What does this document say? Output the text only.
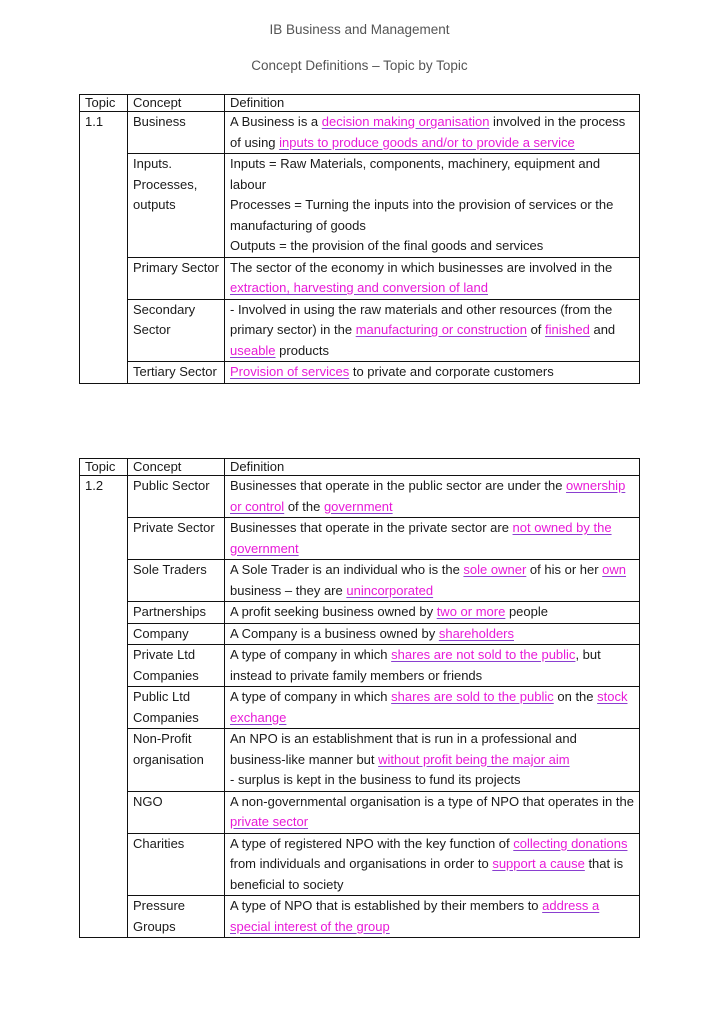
IB Business and Management
Concept Definitions – Topic by Topic
Topic	Concept	Definition
1.1	Business	A Business is a decision making organisation involved in the process of using inputs to produce goods and/or to provide a service
	Inputs. Processes, outputs	Inputs = Raw Materials, components, machinery, equipment and labour
Processes = Turning the inputs into the provision of services or the manufacturing of goods
Outputs = the provision of the final goods and services
	Primary Sector	The sector of the economy in which businesses are involved in the extraction, harvesting and conversion of land
	Secondary Sector	- Involved in using the raw materials and other resources (from the primary sector) in the manufacturing or construction of finished and useable products
	Tertiary Sector	Provision of services to private and corporate customers
Topic	Concept	Definition
1.2	Public Sector	Businesses that operate in the public sector are under the ownership or control of the government
	Private Sector	Businesses that operate in the private sector are not owned by the government
	Sole Traders	A Sole Trader is an individual who is the sole owner of his or her own business – they are unincorporated
	Partnerships	A profit seeking business owned by two or more people
	Company	A Company is a business owned by shareholders
	Private Ltd Companies	A type of company in which shares are not sold to the public, but instead to private family members or friends
	Public Ltd Companies	A type of company in which shares are sold to the public on the stock exchange
	Non-Profit organisation	An NPO is an establishment that is run in a professional and business-like manner but without profit being the major aim
- surplus is kept in the business to fund its projects
	NGO	A non-governmental organisation is a type of NPO that operates in the private sector
	Charities	A type of registered NPO with the key function of collecting donations from individuals and organisations in order to support a cause that is beneficial to society
	Pressure Groups	A type of NPO that is established by their members to address a special interest of the group
